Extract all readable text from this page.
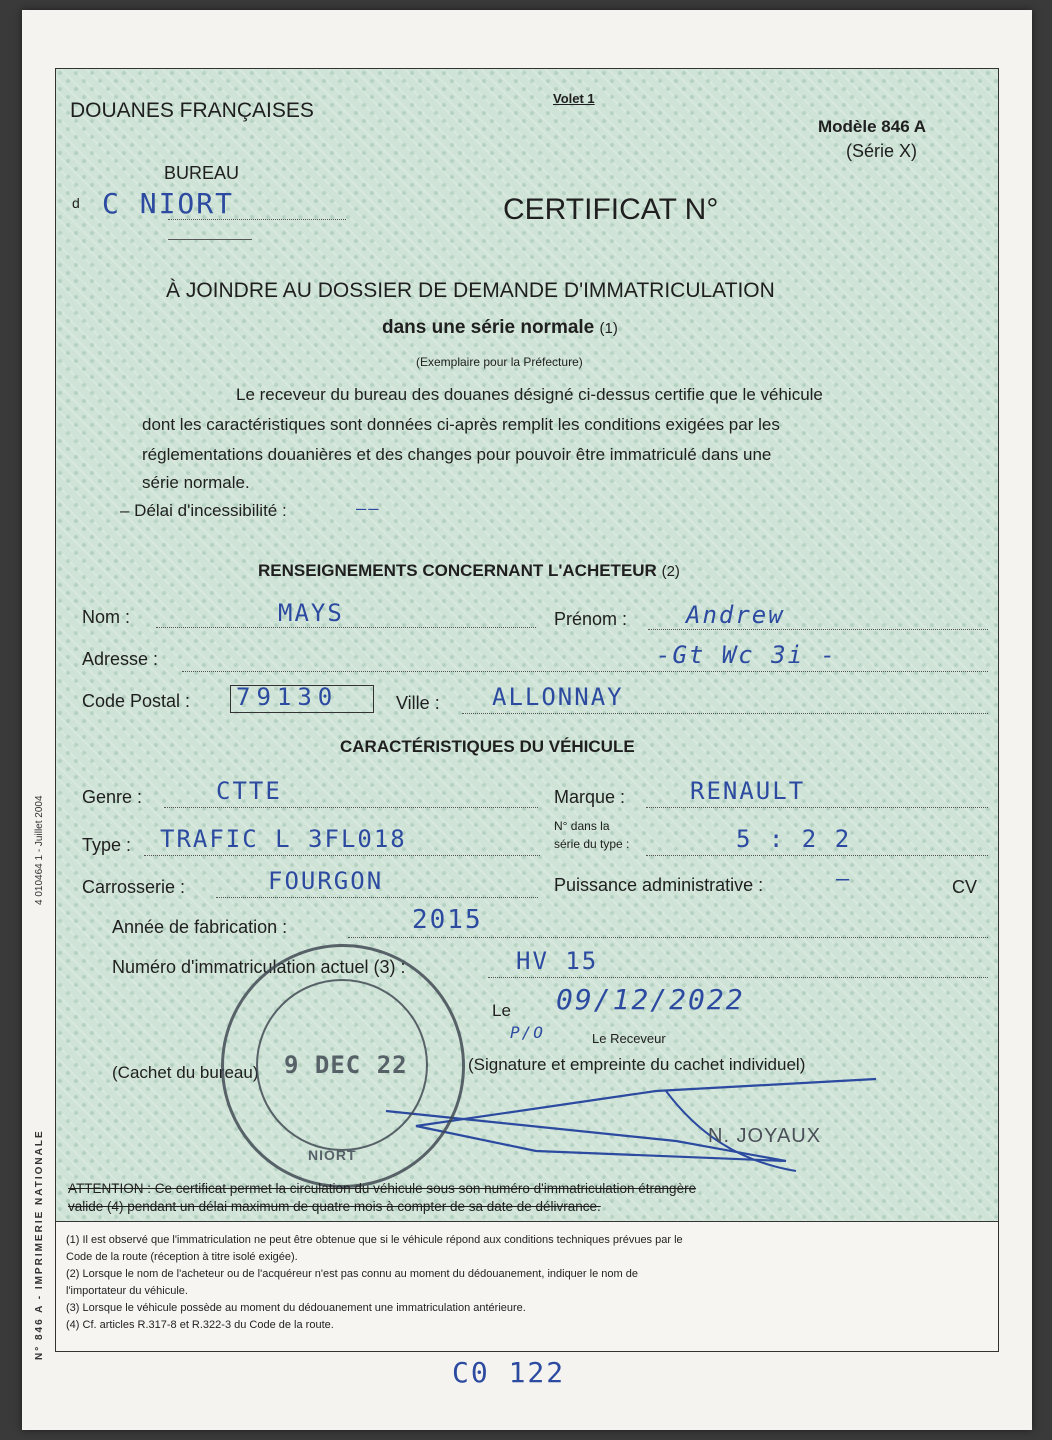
4 010464 1 - Juillet 2004
N° 846 A - IMPRIMERIE NATIONALE
DOUANES FRANÇAISES
Volet 1
Modèle 846 A
(Série X)
BUREAU
d C NIORT	CERTIFICAT N°
À JOINDRE AU DOSSIER DE DEMANDE D'IMMATRICULATION
dans une série normale (1)
(Exemplaire pour la Préfecture)
Le receveur du bureau des douanes désigné ci-dessus certifie que le véhicule
dont les caractéristiques sont données ci-après remplit les conditions exigées par les
réglementations douanières et des changes pour pouvoir être immatriculé dans une
série normale.
– Délai d'incessibilité :	——
RENSEIGNEMENTS CONCERNANT L'ACHETEUR (2)
Nom :	MAYS	Prénom : Andrew
Adresse :	-Gt Wc 3i -
Code Postal : 79130	Ville : ALLONNAY
CARACTÉRISTIQUES DU VÉHICULE
Genre :	CTTE	Marque :	RENAULT
Type : TRAFIC L 3FL018	N° dans la
série du type :	5 : 2 2
Carrosserie :	FOURGON	Puissance administrative :	—	CV
Année de fabrication :	2015
Numéro d'immatriculation actuel (3) :	HV 15
Le 09/12/2022
P/O	Le Receveur
(Cachet du bureau)	(Signature et empreinte du cachet individuel)
N. JOYAUX
9 DEC 22
NIORT
ATTENTION : Ce certificat permet la circulation du véhicule sous son numéro d'immatriculation étrangère
valide (4) pendant un délai maximum de quatre mois à compter de sa date de délivrance.
(1) Il est observé que l'immatriculation ne peut être obtenue que si le véhicule répond aux conditions techniques prévues par le
Code de la route (réception à titre isolé exigée).
(2) Lorsque le nom de l'acheteur ou de l'acquéreur n'est pas connu au moment du dédouanement, indiquer le nom de
l'importateur du véhicule.
(3) Lorsque le véhicule possède au moment du dédouanement une immatriculation antérieure.
(4) Cf. articles R.317-8 et R.322-3 du Code de la route.
C0 122
